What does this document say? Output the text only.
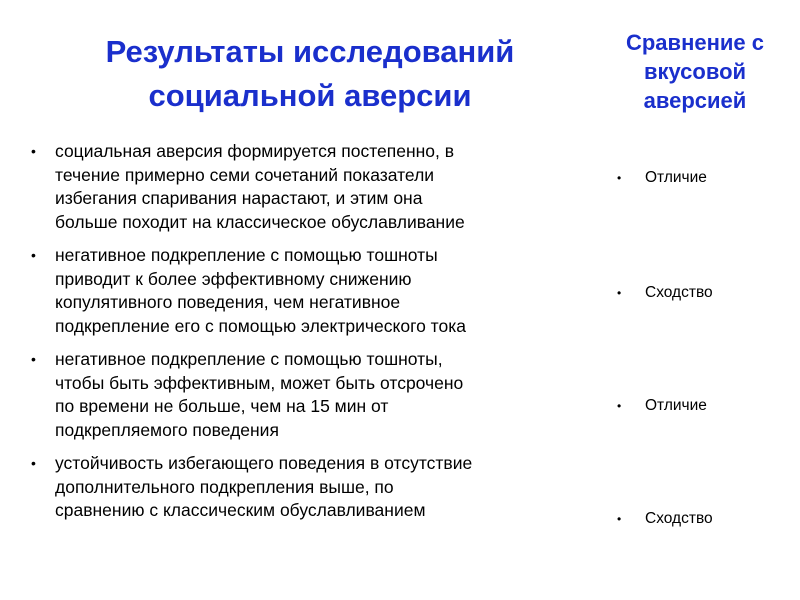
Результаты исследований
социальной аверсии
Сравнение с
вкусовой
аверсией
• социальная аверсия формируется постепенно, в
течение примерно семи сочетаний показатели
избегания спаривания нарастают, и этим она
больше походит на классическое обуславливание
• негативное подкрепление с помощью тошноты
приводит к более эффективному снижению
копулятивного поведения, чем негативное
подкрепление его с помощью электрического тока
• негативное подкрепление с помощью тошноты,
чтобы быть эффективным, может быть отсрочено
по времени не больше, чем на 15 мин от
подкрепляемого поведения
• устойчивость избегающего поведения в отсутствие
дополнительного подкрепления выше, по
сравнению с классическим обуславливанием
• Отличие
• Сходство
• Отличие
• Сходство
